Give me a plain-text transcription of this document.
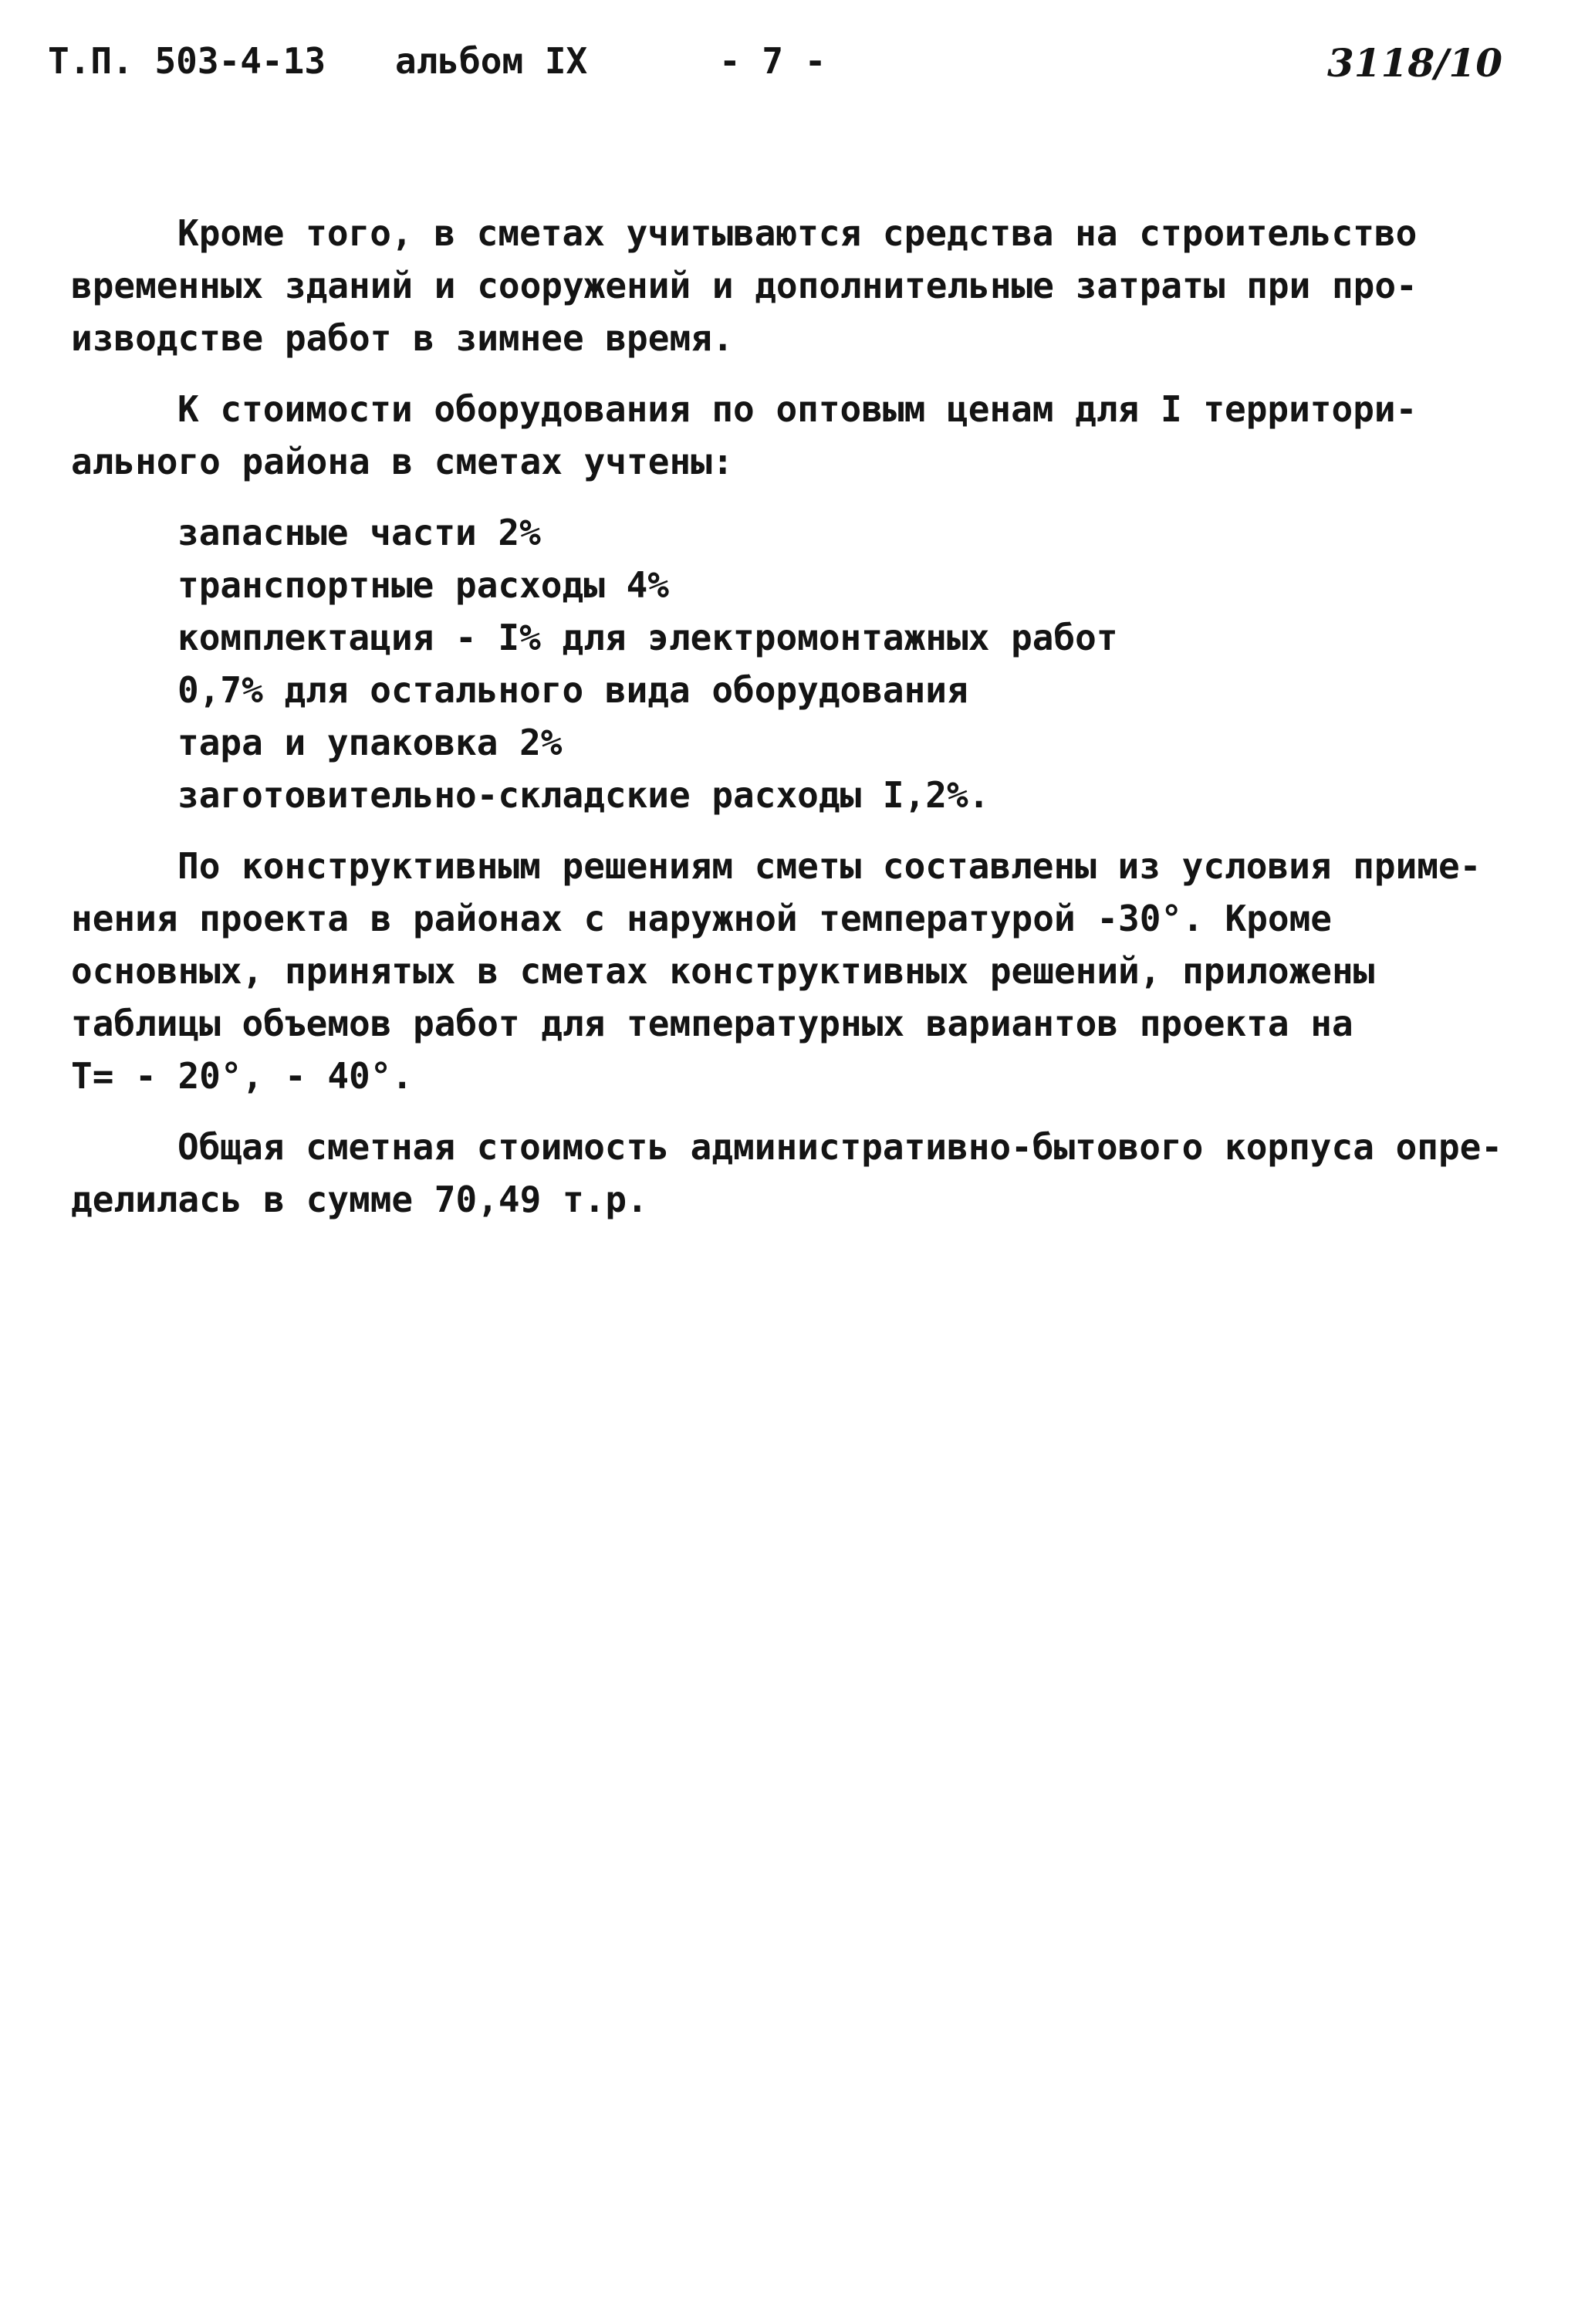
Т.П. 503-4-13 альбом IX	- 7 -	3118/10
Кроме того, в сметах учитываются средства на строительство
временных зданий и сооружений и дополнительные затраты при про-
изводстве работ в зимнее время.
К стоимости оборудования по оптовым ценам для I территори-
ального района в сметах учтены:
запасные части 2%
транспортные расходы 4%
комплектация - I% для электромонтажных работ
0,7% для остального вида оборудования
тара и упаковка 2%
заготовительно-складские расходы I,2%.
По конструктивным решениям сметы составлены из условия приме-
нения проекта в районах с наружной температурой -30°. Кроме
основных, принятых в сметах конструктивных решений, приложены
таблицы объемов работ для температурных вариантов проекта на
Т= - 20°, - 40°.
Общая сметная стоимость административно-бытового корпуса опре-
делилась в сумме 70,49 т.р.
